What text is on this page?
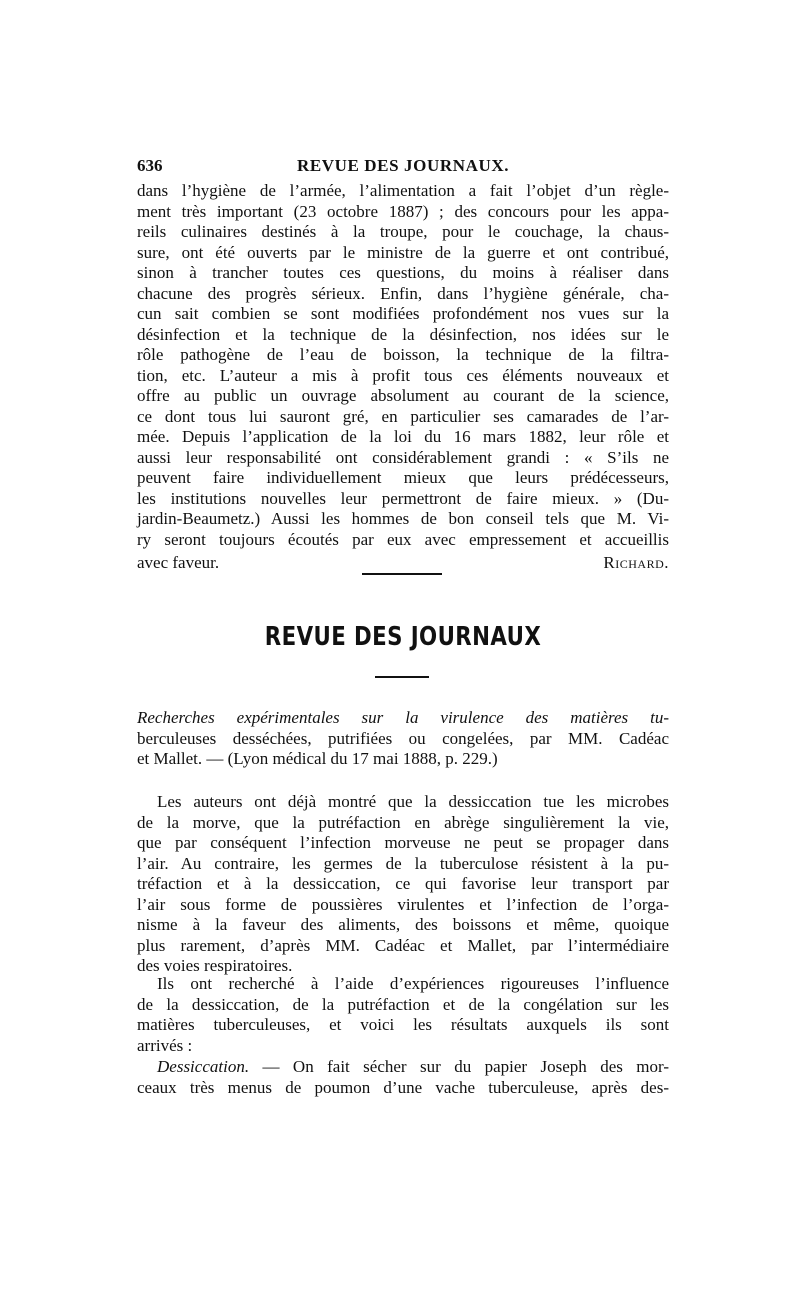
636	REVUE DES JOURNAUX.
dans l’hygiène de l’armée, l’alimentation a fait l’objet d’un règle-
ment très important (23 octobre 1887) ; des concours pour les appa-
reils culinaires destinés à la troupe, pour le couchage, la chaus-
sure, ont été ouverts par le ministre de la guerre et ont contribué,
sinon à trancher toutes ces questions, du moins à réaliser dans
chacune des progrès sérieux. Enfin, dans l’hygiène générale, cha-
cun sait combien se sont modifiées profondément nos vues sur la
désinfection et la technique de la désinfection, nos idées sur le
rôle pathogène de l’eau de boisson, la technique de la filtra-
tion, etc. L’auteur a mis à profit tous ces éléments nouveaux et
offre au public un ouvrage absolument au courant de la science,
ce dont tous lui sauront gré, en particulier ses camarades de l’ar-
mée. Depuis l’application de la loi du 16 mars 1882, leur rôle et
aussi leur responsabilité ont considérablement grandi : « S’ils ne
peuvent faire individuellement mieux que leurs prédécesseurs,
les institutions nouvelles leur permettront de faire mieux. » (Du-
jardin-Beaumetz.) Aussi les hommes de bon conseil tels que M. Vi-
ry seront toujours écoutés par eux avec empressement et accueillis
avec faveur.	Richard.
REVUE DES JOURNAUX
Recherches expérimentales sur la virulence des matières tu-
berculeuses desséchées, putrifiées ou congelées, par MM. Cadéac
et Mallet. — (Lyon médical du 17 mai 1888, p. 229.)
Les auteurs ont déjà montré que la dessiccation tue les microbes
de la morve, que la putréfaction en abrège singulièrement la vie,
que par conséquent l’infection morveuse ne peut se propager dans
l’air. Au contraire, les germes de la tuberculose résistent à la pu-
tréfaction et à la dessiccation, ce qui favorise leur transport par
l’air sous forme de poussières virulentes et l’infection de l’orga-
nisme à la faveur des aliments, des boissons et même, quoique
plus rarement, d’après MM. Cadéac et Mallet, par l’intermédiaire
des voies respiratoires.
Ils ont recherché à l’aide d’expériences rigoureuses l’influence
de la dessiccation, de la putréfaction et de la congélation sur les
matières tuberculeuses, et voici les résultats auxquels ils sont
arrivés :
Dessiccation. — On fait sécher sur du papier Joseph des mor-
ceaux très menus de poumon d’une vache tuberculeuse, après des-
